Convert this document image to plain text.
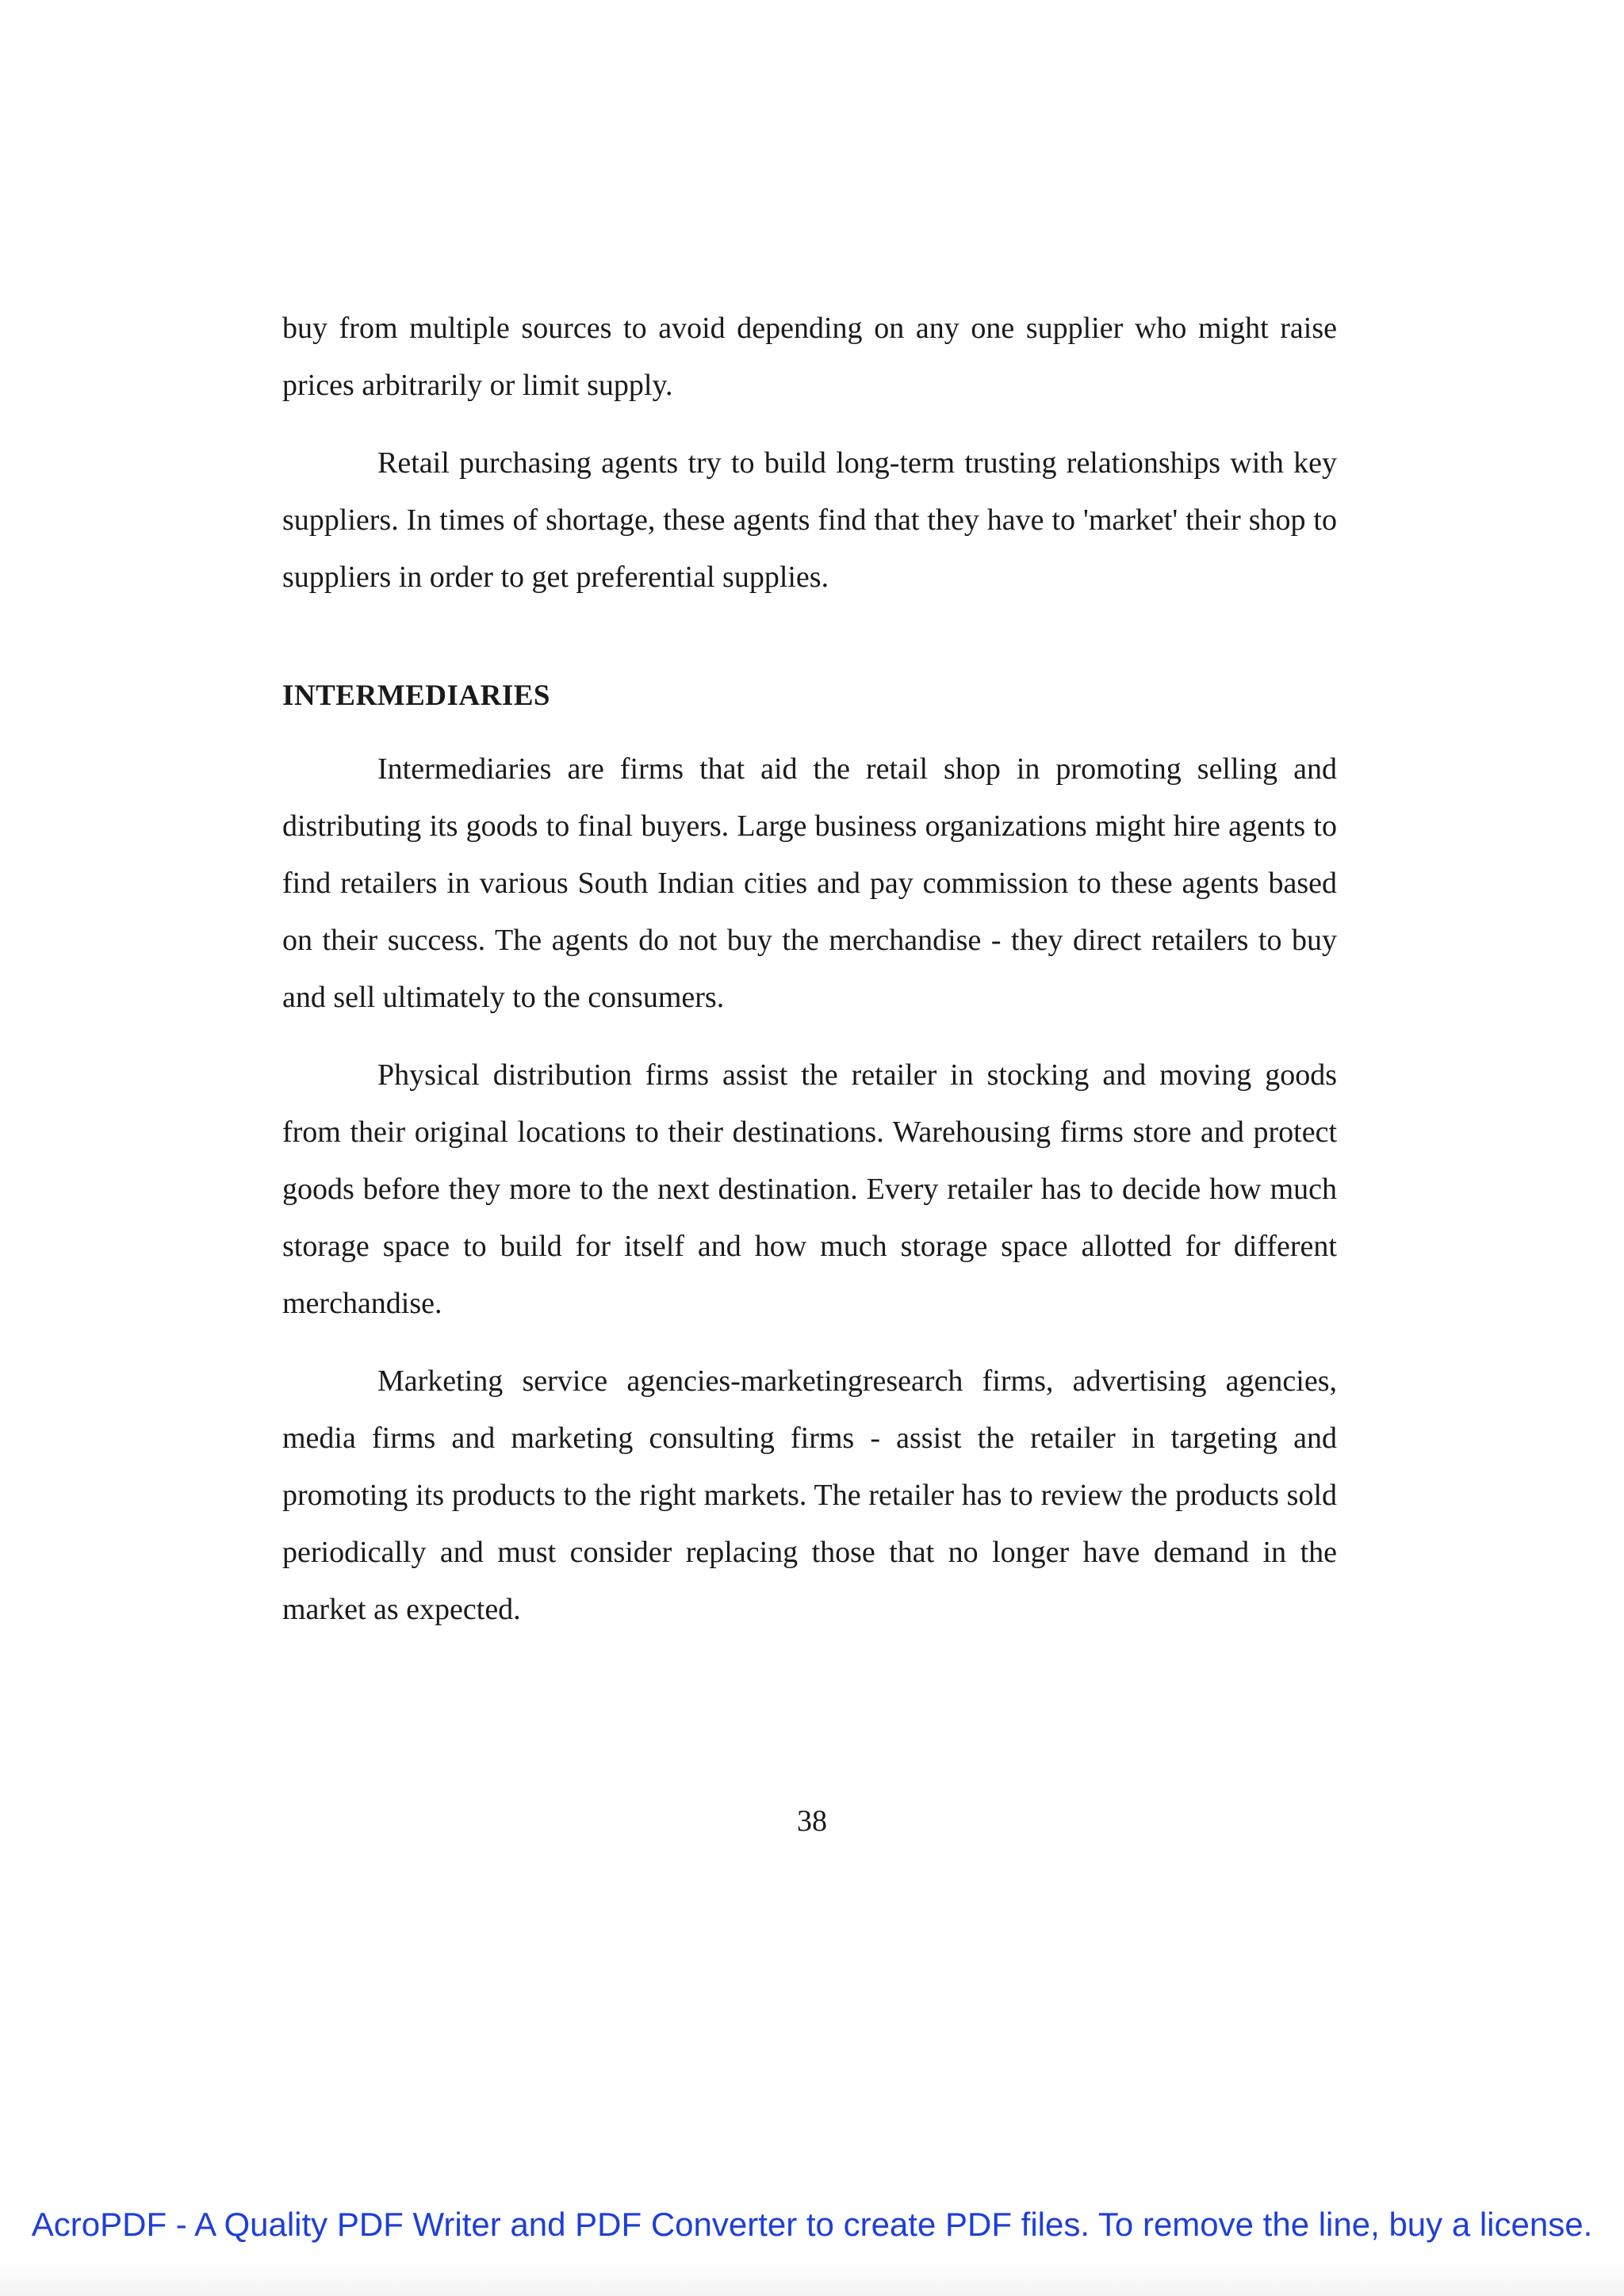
buy from multiple sources to avoid depending on any one supplier who might raise prices arbitrarily or limit supply.

Retail purchasing agents try to build long-term trusting relationships with key suppliers. In times of shortage, these agents find that they have to 'market' their shop to suppliers in order to get preferential supplies.

INTERMEDIARIES

Intermediaries are firms that aid the retail shop in promoting selling and distributing its goods to final buyers. Large business organizations might hire agents to find retailers in various South Indian cities and pay commission to these agents based on their success. The agents do not buy the merchandise - they direct retailers to buy and sell ultimately to the consumers.

Physical distribution firms assist the retailer in stocking and moving goods from their original locations to their destinations. Warehousing firms store and protect goods before they more to the next destination. Every retailer has to decide how much storage space to build for itself and how much storage space allotted for different merchandise.

Marketing service agencies-marketingresearch firms, advertising agencies, media firms and marketing consulting firms - assist the retailer in targeting and promoting its products to the right markets. The retailer has to review the products sold periodically and must consider replacing those that no longer have demand in the market as expected.

38
AcroPDF - A Quality PDF Writer and PDF Converter to create PDF files. To remove the line, buy a license.
